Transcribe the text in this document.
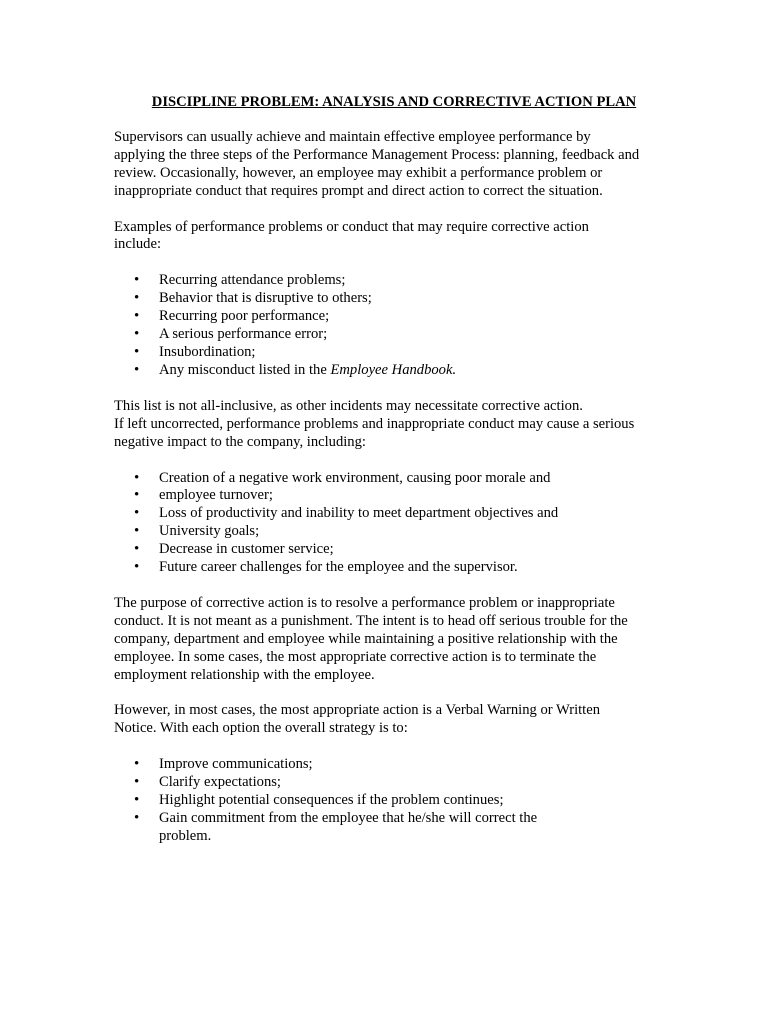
DISCIPLINE PROBLEM: ANALYSIS AND CORRECTIVE ACTION PLAN

Supervisors can usually achieve and maintain effective employee performance by
applying the three steps of the Performance Management Process: planning, feedback and
review. Occasionally, however, an employee may exhibit a performance problem or
inappropriate conduct that requires prompt and direct action to correct the situation.

Examples of performance problems or conduct that may require corrective action
include:

•
Recurring attendance problems;
•
Behavior that is disruptive to others;
•
Recurring poor performance;
•
A serious performance error;
•
Insubordination;
•
Any misconduct listed in the Employee Handbook.

This list is not all-inclusive, as other incidents may necessitate corrective action.
If left uncorrected, performance problems and inappropriate conduct may cause a serious
negative impact to the company, including:

•
Creation of a negative work environment, causing poor morale and
•
employee turnover;
•
Loss of productivity and inability to meet department objectives and
•
University goals;
•
Decrease in customer service;
•
Future career challenges for the employee and the supervisor.

The purpose of corrective action is to resolve a performance problem or inappropriate
conduct. It is not meant as a punishment. The intent is to head off serious trouble for the
company, department and employee while maintaining a positive relationship with the
employee. In some cases, the most appropriate corrective action is to terminate the
employment relationship with the employee.

However, in most cases, the most appropriate action is a Verbal Warning or Written
Notice. With each option the overall strategy is to:

•
Improve communications;
•
Clarify expectations;
•
Highlight potential consequences if the problem continues;
•
Gain commitment from the employee that he/she will correct the
problem.
